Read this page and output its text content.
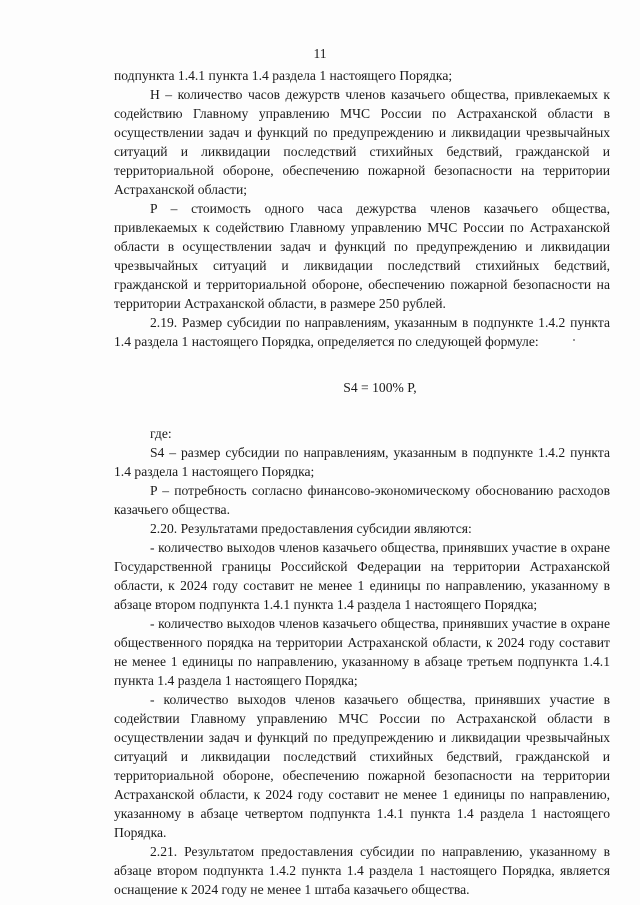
11

подпункта 1.4.1 пункта 1.4 раздела 1 настоящего Порядка;

H – количество часов дежурств членов казачьего общества, привлекаемых к содействию Главному управлению МЧС России по Астраханской области в осуществлении задач и функций по предупреждению и ликвидации чрезвычайных ситуаций и ликвидации последствий стихийных бедствий, гражданской и территориальной обороне, обеспечению пожарной безопасности на территории Астраханской области;

P – стоимость одного часа дежурства членов казачьего общества, привлекаемых к содействию Главному управлению МЧС России по Астраханской области в осуществлении задач и функций по предупреждению и ликвидации чрезвычайных ситуаций и ликвидации последствий стихийных бедствий, гражданской и территориальной обороне, обеспечению пожарной безопасности на территории Астраханской области, в размере 250 рублей.

2.19. Размер субсидии по направлениям, указанным в подпункте 1.4.2 пункта 1.4 раздела 1 настоящего Порядка, определяется по следующей формуле:

S4 = 100% P,

где:

S4 – размер субсидии по направлениям, указанным в подпункте 1.4.2 пункта 1.4 раздела 1 настоящего Порядка;

P – потребность согласно финансово-экономическому обоснованию расходов казачьего общества.

2.20. Результатами предоставления субсидии являются:

- количество выходов членов казачьего общества, принявших участие в охране Государственной границы Российской Федерации на территории Астраханской области, к 2024 году составит не менее 1 единицы по направлению, указанному в абзаце втором подпункта 1.4.1 пункта 1.4 раздела 1 настоящего Порядка;

- количество выходов членов казачьего общества, принявших участие в охране общественного порядка на территории Астраханской области, к 2024 году составит не менее 1 единицы по направлению, указанному в абзаце третьем подпункта 1.4.1 пункта 1.4 раздела 1 настоящего Порядка;

- количество выходов членов казачьего общества, принявших участие в содействии Главному управлению МЧС России по Астраханской области в осуществлении задач и функций по предупреждению и ликвидации чрезвычайных ситуаций и ликвидации последствий стихийных бедствий, гражданской и территориальной обороне, обеспечению пожарной безопасности на территории Астраханской области, к 2024 году составит не менее 1 единицы по направлению, указанному в абзаце четвертом подпункта 1.4.1 пункта 1.4 раздела 1 настоящего Порядка.

2.21. Результатом предоставления субсидии по направлению, указанному в абзаце втором подпункта 1.4.2 пункта 1.4 раздела 1 настоящего Порядка, является оснащение к 2024 году не менее 1 штаба казачьего общества.
